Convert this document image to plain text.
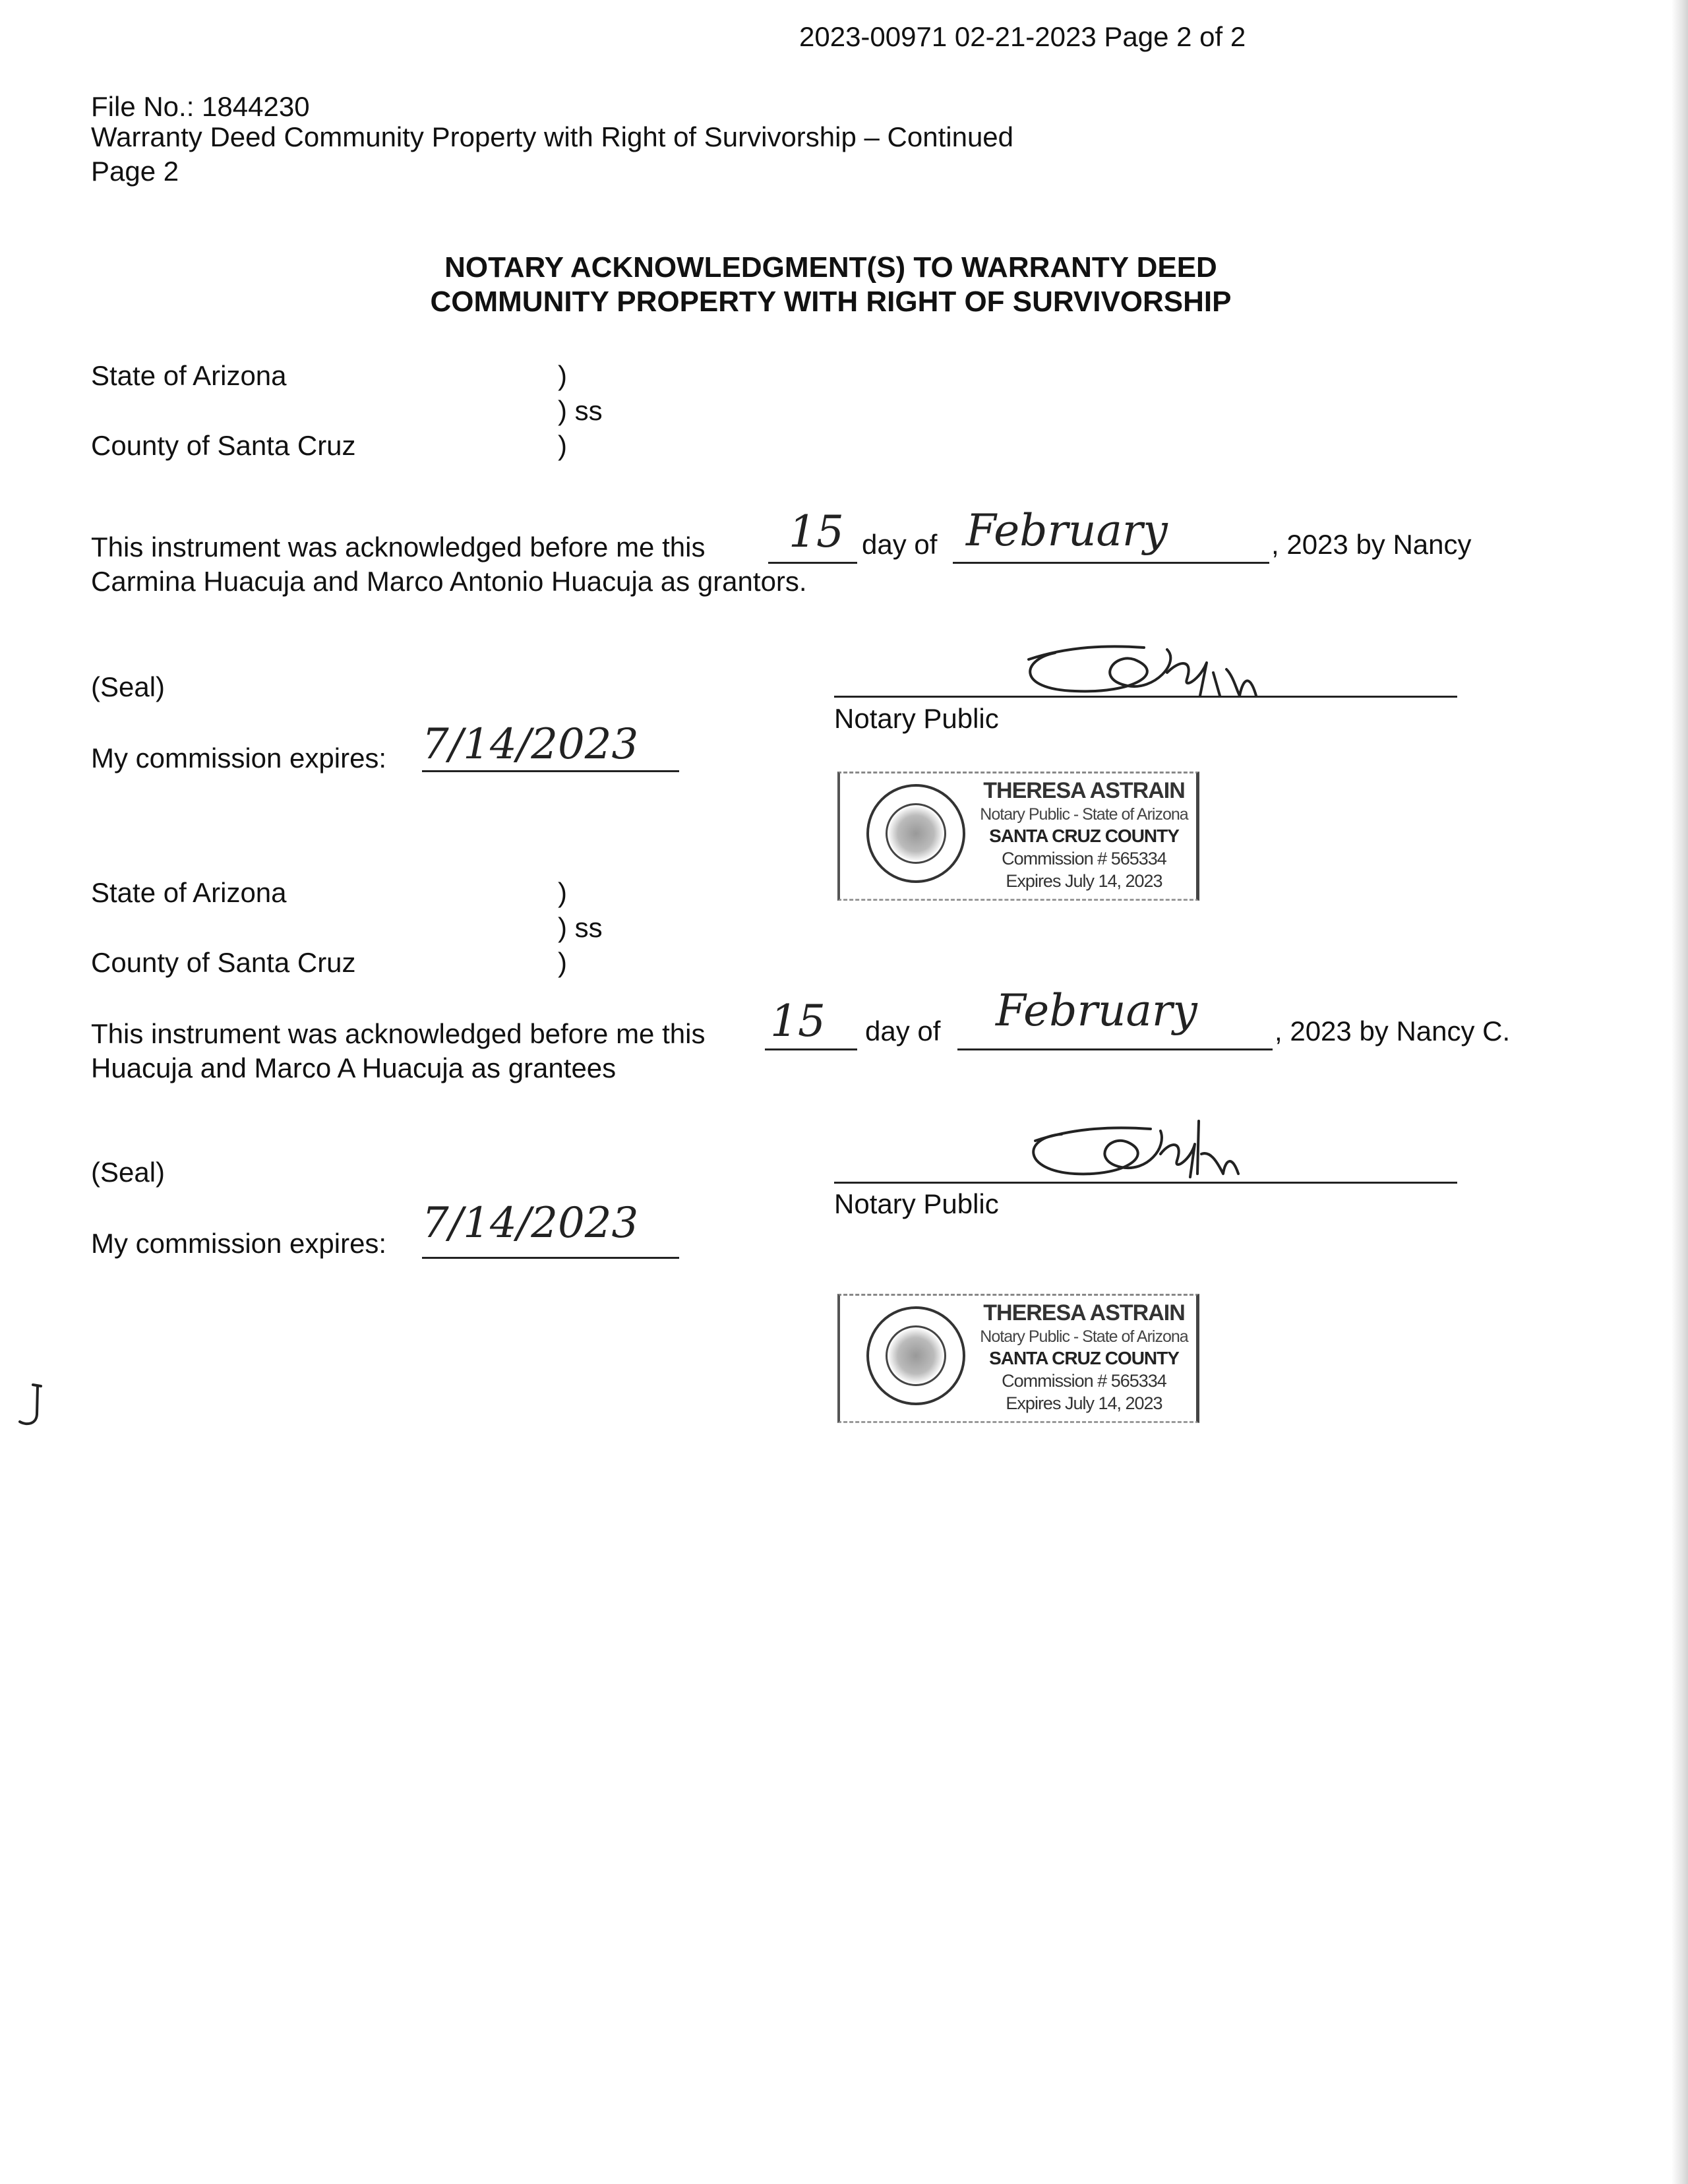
2023-00971 02-21-2023 Page 2 of 2
File No.: 1844230
Warranty Deed Community Property with Right of Survivorship – Continued
Page 2
NOTARY ACKNOWLEDGMENT(S) TO WARRANTY DEED
COMMUNITY PROPERTY WITH RIGHT OF SURVIVORSHIP
State of Arizona	)
) ss
County of Santa Cruz	)
This instrument was acknowledged before me this 15 day of February	, 2023 by Nancy
Carmina Huacuja and Marco Antonio Huacuja as grantors.
(Seal)
Notary Public
My commission expires: 7/14/2023
THERESA ASTRAIN
Notary Public - State of Arizona
SANTA CRUZ COUNTY
Commission # 565334
Expires July 14, 2023
State of Arizona	)
) ss
County of Santa Cruz	)
This instrument was acknowledged before me this 15 day of February	, 2023 by Nancy C.
Huacuja and Marco A Huacuja as grantees
(Seal)
Notary Public
My commission expires: 7/14/2023
THERESA ASTRAIN
Notary Public - State of Arizona
SANTA CRUZ COUNTY
Commission # 565334
Expires July 14, 2023
